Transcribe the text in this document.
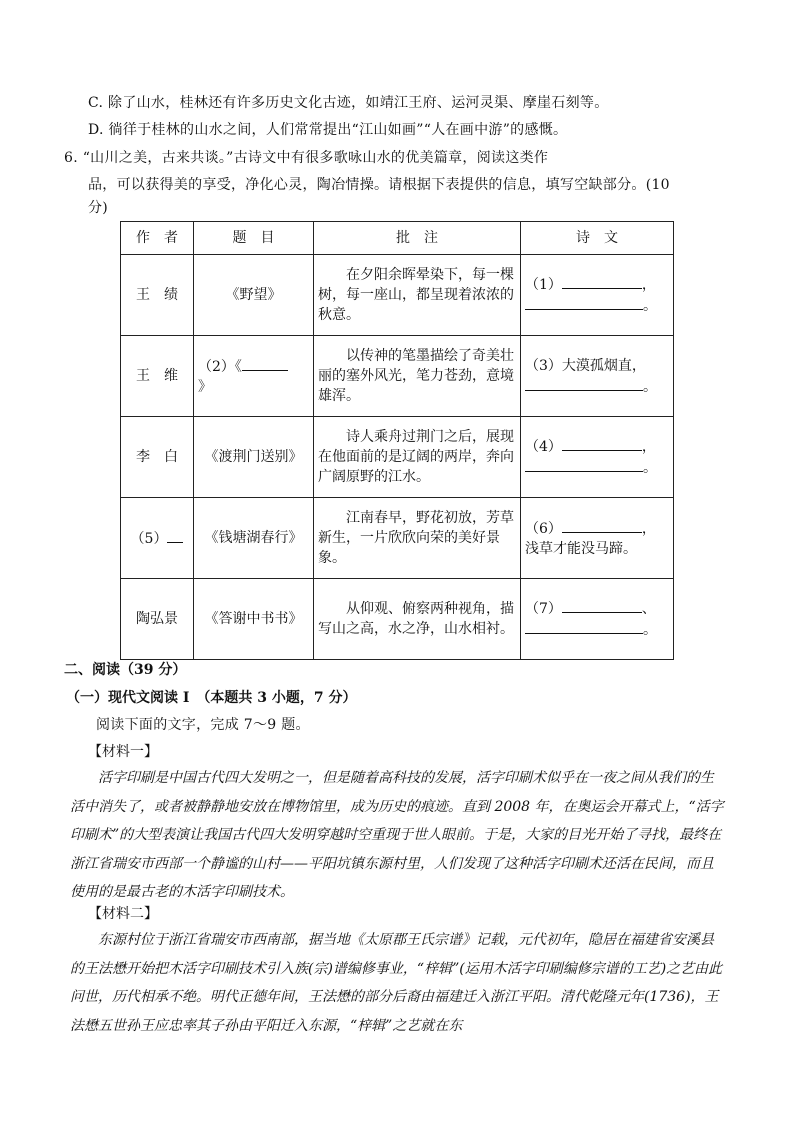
C. 除了山水，桂林还有许多历史文化古迹，如靖江王府、运河灵渠、摩崖石刻等。
D. 徜徉于桂林的山水之间，人们常常提出“江山如画”“人在画中游”的感慨。
6. “山川之美，古来共谈。”古诗文中有很多歌咏山水的优美篇章，阅读这类作
品，可以获得美的享受，净化心灵，陶冶情操。请根据下表提供的信息，填写空缺部分。(10
分)
作　者	题　目	批　注	诗　文
王　绩	《野望》	在夕阳余晖晕染下，每一棵树，每一座山，都呈现着浓浓的秋意。	（1） ，
。
王　维	（2）《
》	以传神的笔墨描绘了奇美壮丽的塞外风光，笔力苍劲，意境雄浑。	（3）大漠孤烟直，
。
李　白	《渡荆门送别》	诗人乘舟过荆门之后，展现在他面前的是辽阔的两岸，奔向广阔原野的江水。	（4） ，
。
（5）	《钱塘湖春行》	江南春早，野花初放，芳草新生，一片欣欣向荣的美好景象。	（6） ，
浅草才能没马蹄。
陶弘景	《答谢中书书》	从仰观、俯察两种视角，描写山之高，水之净，山水相衬。	（7） 、
。
二、阅读（39 分）
（一）现代文阅读 I　（本题共 3 小题，7 分）
阅读下面的文字，完成 7～9 题。
【材料一】
活字印刷是中国古代四大发明之一，但是随着高科技的发展，活字印刷术似乎在一夜之间从我们的生活中消失了，或者被静静地安放在博物馆里，成为历史的痕迹。直到 2008 年，在奥运会开幕式上，“活字印刷术”的大型表演让我国古代四大发明穿越时空重现于世人眼前。于是，大家的目光开始了寻找，最终在浙江省瑞安市西部一个静谧的山村——平阳坑镇东源村里，人们发现了这种活字印刷术还活在民间，而且使用的是最古老的木活字印刷技术。
【材料二】
东源村位于浙江省瑞安市西南部，据当地《太原郡王氏宗谱》记载，元代初年，隐居在福建省安溪县的王法懋开始把木活字印刷技术引入族(宗)谱编修事业，“梓辑”(运用木活字印刷编修宗谱的工艺)之艺由此问世，历代相承不绝。明代正德年间，王法懋的部分后裔由福建迁入浙江平阳。清代乾隆元年(1736)，王法懋五世孙王应忠率其子孙由平阳迁入东源，“梓辑”之艺就在东
